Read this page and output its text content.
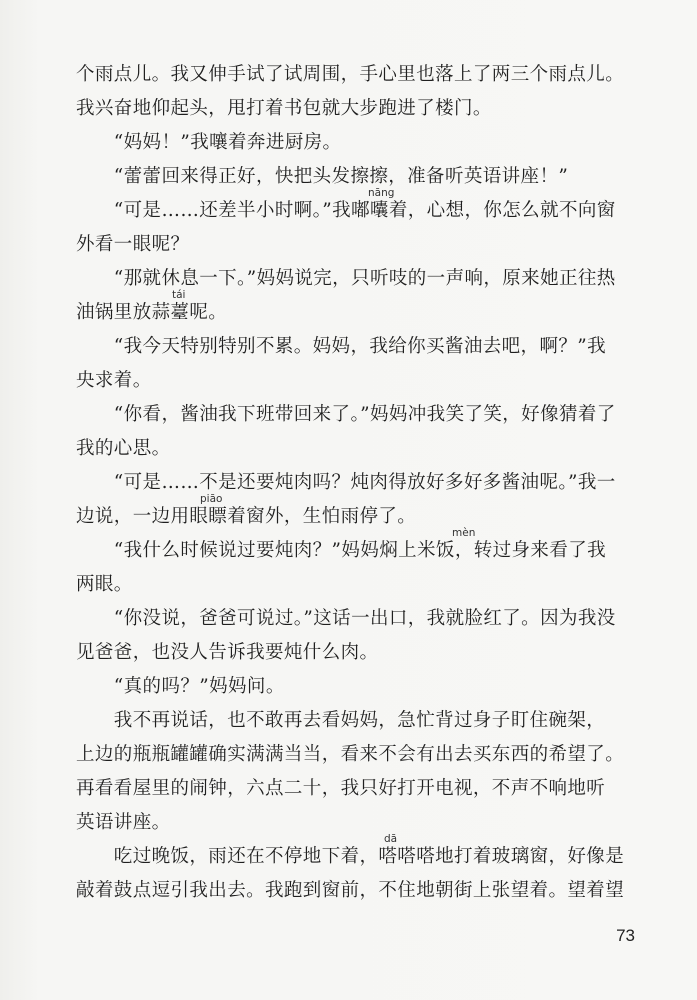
个雨点儿。我又伸手试了试周围，手心里也落上了两三个雨点儿。
我兴奋地仰起头，甩打着书包就大步跑进了楼门。
　　“妈妈！”我嚷着奔进厨房。
　　“蕾蕾回来得正好，快把头发擦擦，准备听英语讲座！”
nāng
　　“可是……还差半小时啊。”我嘟囔着，心想，你怎么就不向窗
外看一眼呢？
　　“那就休息一下。”妈妈说完，只听吱的一声响，原来她正往热
tái
油锅里放蒜薹呢。
　　“我今天特别特别不累。妈妈，我给你买酱油去吧，啊？”我
央求着。
　　“你看，酱油我下班带回来了。”妈妈冲我笑了笑，好像猜着了
我的心思。
　　“可是……不是还要炖肉吗？炖肉得放好多好多酱油呢。”我一
piāo
边说，一边用眼瞟着窗外，生怕雨停了。
mèn
　　“我什么时候说过要炖肉？”妈妈焖上米饭，转过身来看了我
两眼。
　　“你没说，爸爸可说过。”这话一出口，我就脸红了。因为我没
见爸爸，也没人告诉我要炖什么肉。
　　“真的吗？”妈妈问。
　　我不再说话，也不敢再去看妈妈，急忙背过身子盯住碗架，
上边的瓶瓶罐罐确实满满当当，看来不会有出去买东西的希望了。
再看看屋里的闹钟，六点二十，我只好打开电视，不声不响地听
英语讲座。
dā
　　吃过晚饭，雨还在不停地下着，嗒嗒嗒地打着玻璃窗，好像是
敲着鼓点逗引我出去。我跑到窗前，不住地朝街上张望着。望着望
73
